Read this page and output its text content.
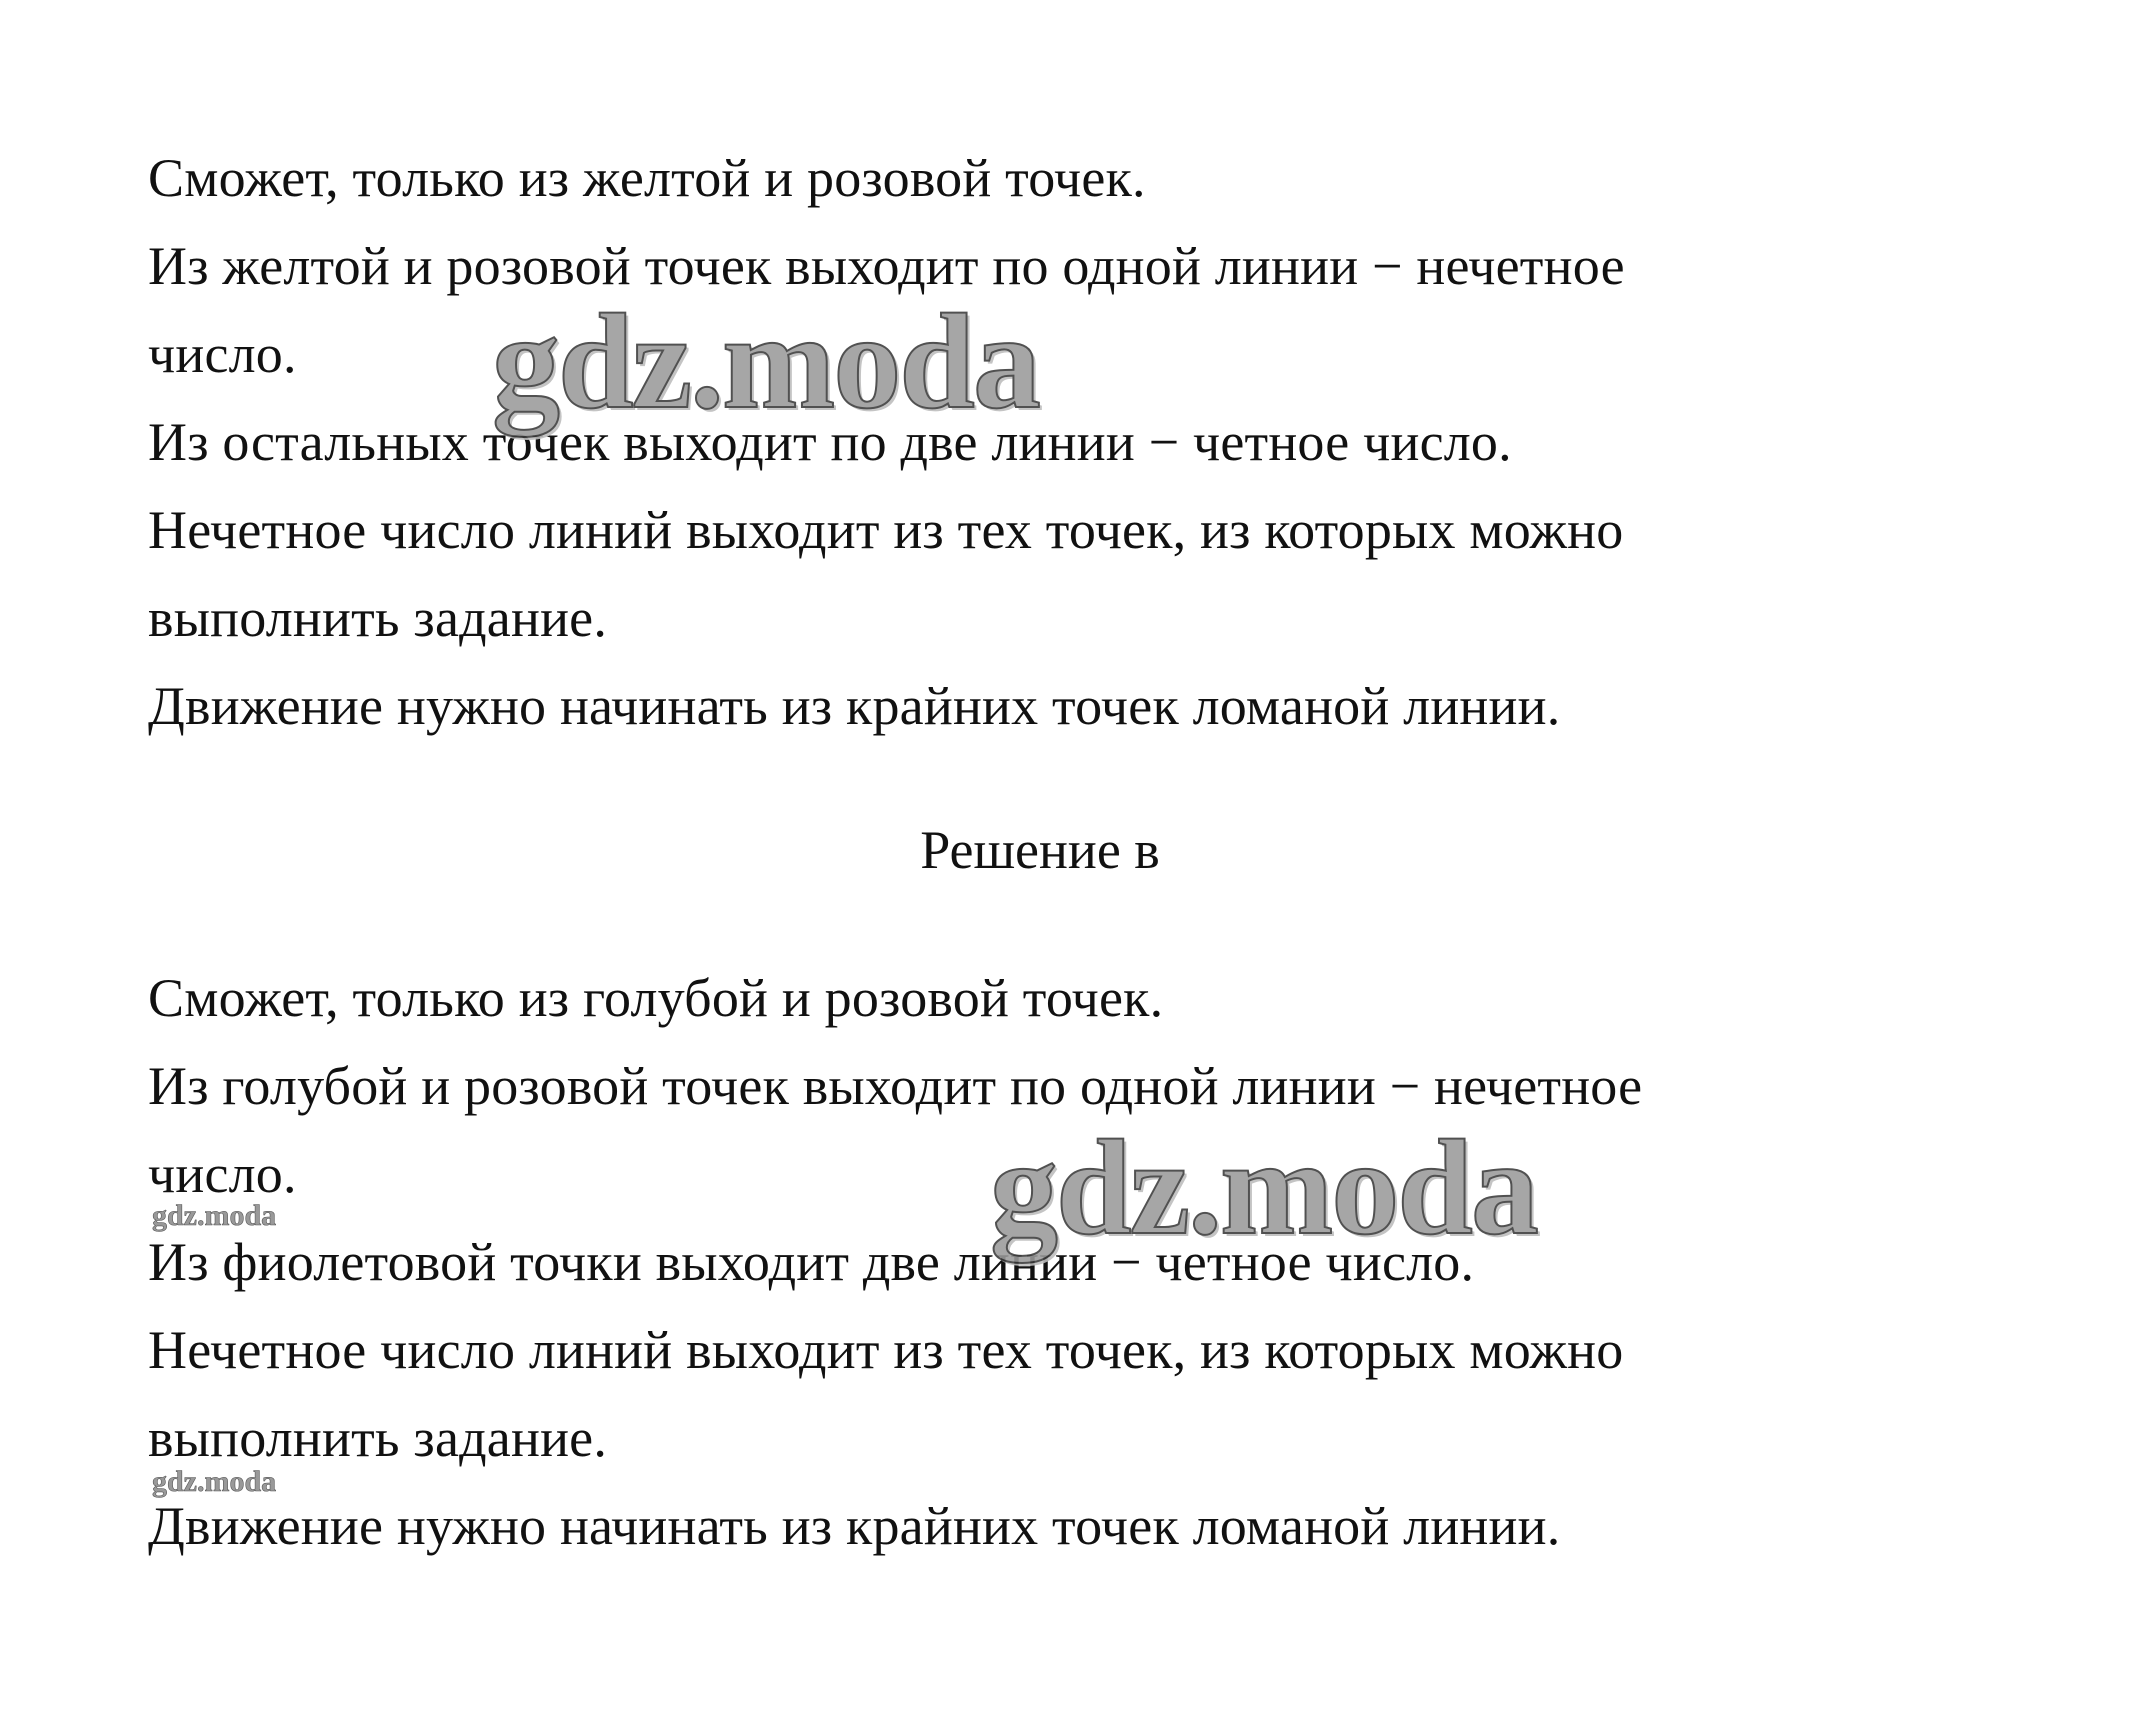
Сможет, только из желтой и розовой точек.
Из желтой и розовой точек выходит по одной линии − нечетное
число.
Из остальных точек выходит по две линии − четное число.
Нечетное число линий выходит из тех точек, из которых можно
выполнить задание.
Движение нужно начинать из крайних точек ломаной линии.
Решение в
Сможет, только из голубой и розовой точек.
Из голубой и розовой точек выходит по одной линии − нечетное
число.
Из фиолетовой точки выходит две линии − четное число.
Нечетное число линий выходит из тех точек, из которых можно
выполнить задание.
Движение нужно начинать из крайних точек ломаной линии.
gdz.moda
gdz.moda
gdz.moda
gdz.moda
